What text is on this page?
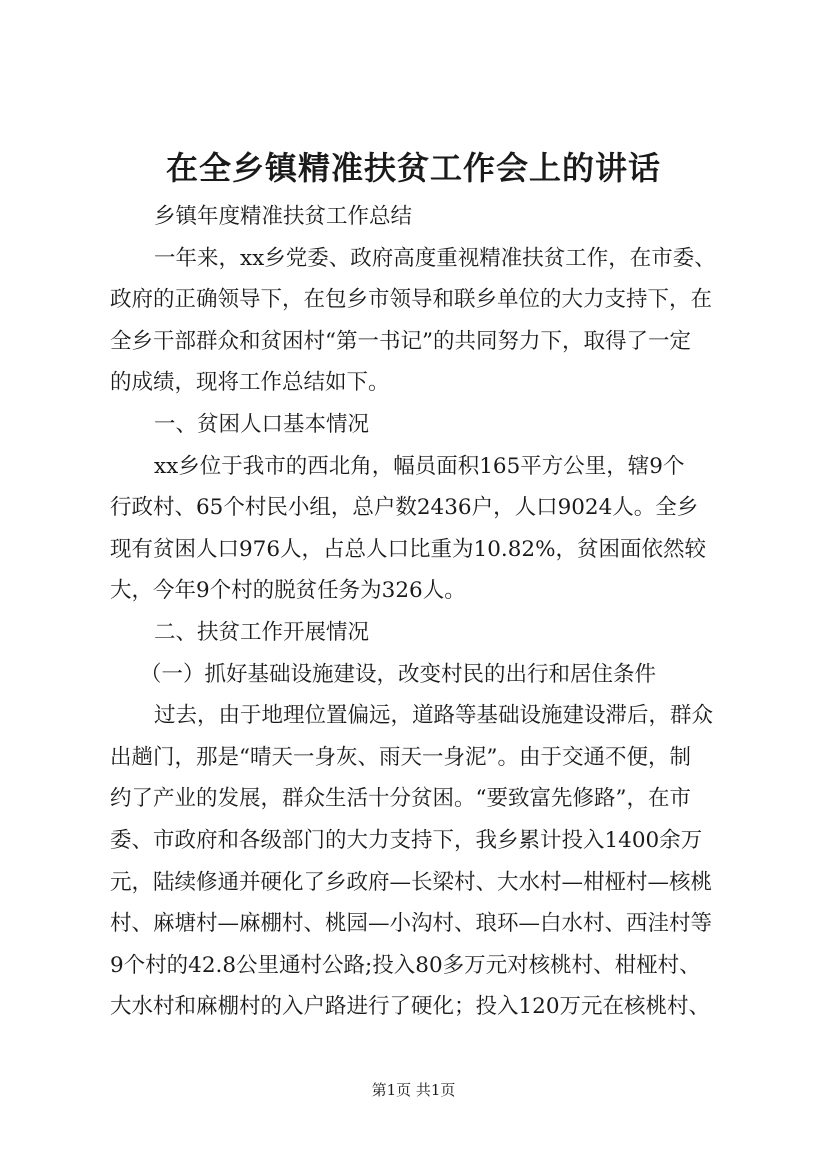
在全乡镇精准扶贫工作会上的讲话
乡镇年度精准扶贫工作总结
一年来，xx乡党委、政府高度重视精准扶贫工作，在市委、
政府的正确领导下，在包乡市领导和联乡单位的大力支持下，在
全乡干部群众和贫困村“第一书记”的共同努力下，取得了一定
的成绩，现将工作总结如下。
一、贫困人口基本情况
xx乡位于我市的西北角，幅员面积165平方公里，辖9个
行政村、65个村民小组，总户数2436户，人口9024人。全乡
现有贫困人口976人，占总人口比重为10.82%，贫困面依然较
大，今年9个村的脱贫任务为326人。
二、扶贫工作开展情况
（一）抓好基础设施建设，改变村民的出行和居住条件
过去，由于地理位置偏远，道路等基础设施建设滞后，群众
出趟门，那是“晴天一身灰、雨天一身泥”。由于交通不便，制
约了产业的发展，群众生活十分贫困。“要致富先修路”，在市
委、市政府和各级部门的大力支持下，我乡累计投入1400余万
元，陆续修通并硬化了乡政府—长梁村、大水村—柑桠村—核桃
村、麻塘村—麻棚村、桃园—小沟村、琅环—白水村、西洼村等
9个村的42.8公里通村公路;投入80多万元对核桃村、柑桠村、
大水村和麻棚村的入户路进行了硬化；投入120万元在核桃村、
第1页 共1页
